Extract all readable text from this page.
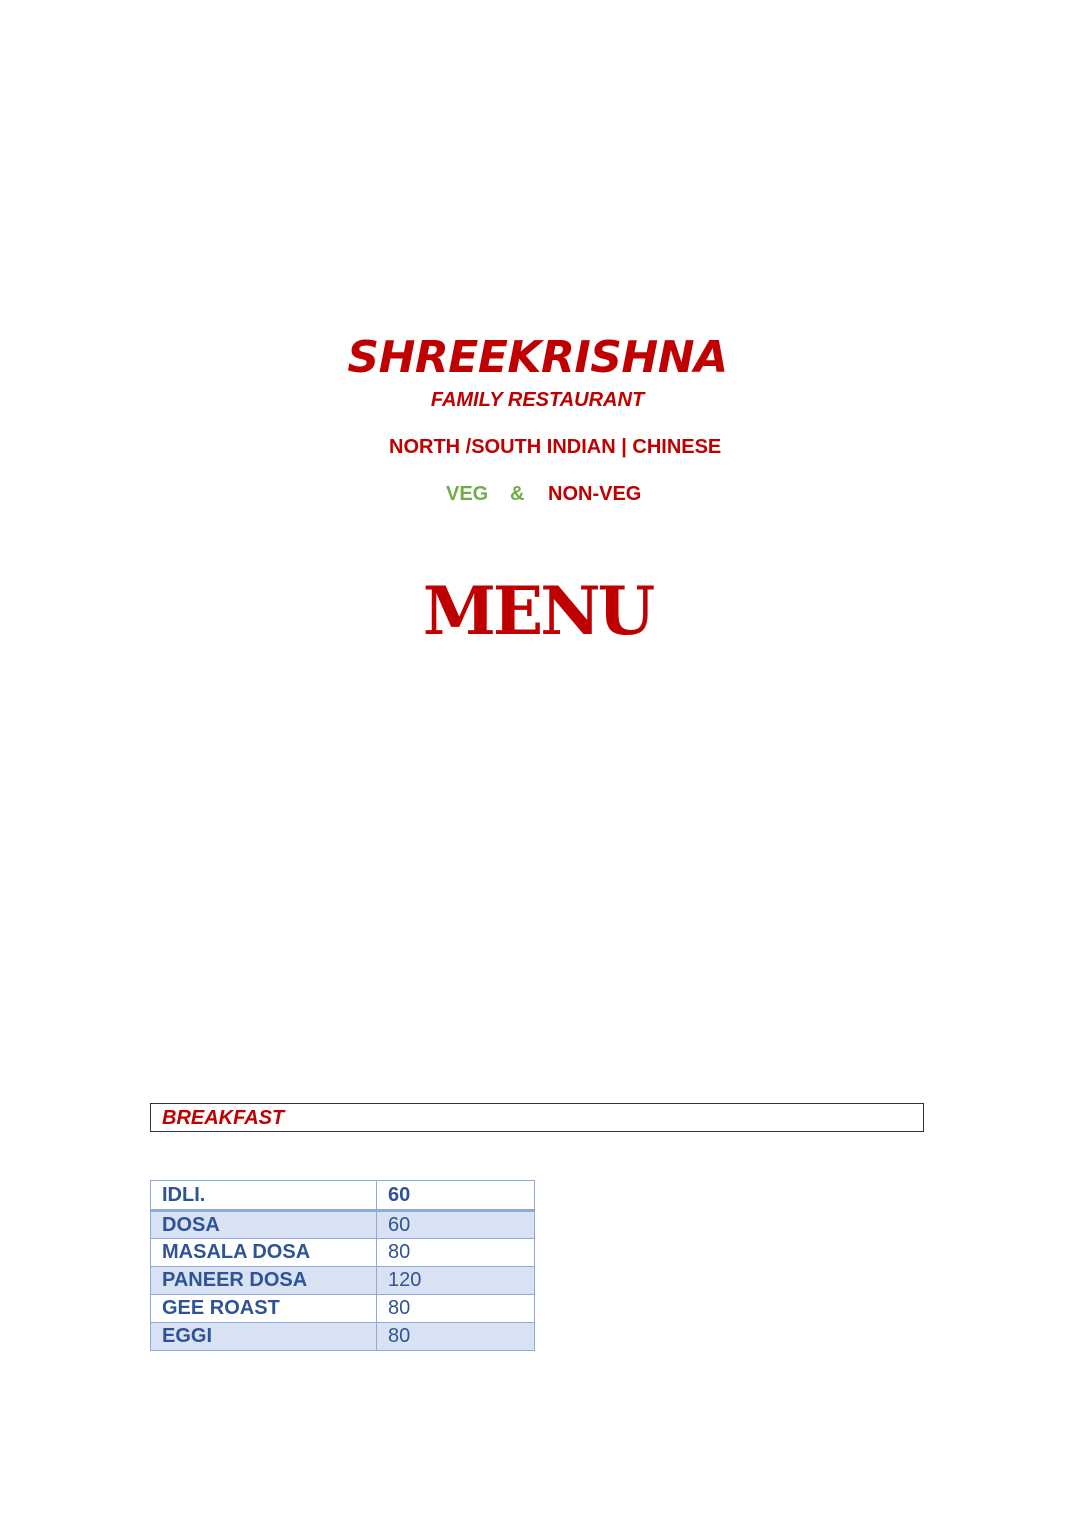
SHREEKRISHNA
FAMILY RESTAURANT
NORTH /SOUTH INDIAN | CHINESE
VEG & NON-VEG
MENU
BREAKFAST
IDLI.	60
DOSA	60
MASALA DOSA	80
PANEER DOSA	120
GEE ROAST	80
EGGI	80
